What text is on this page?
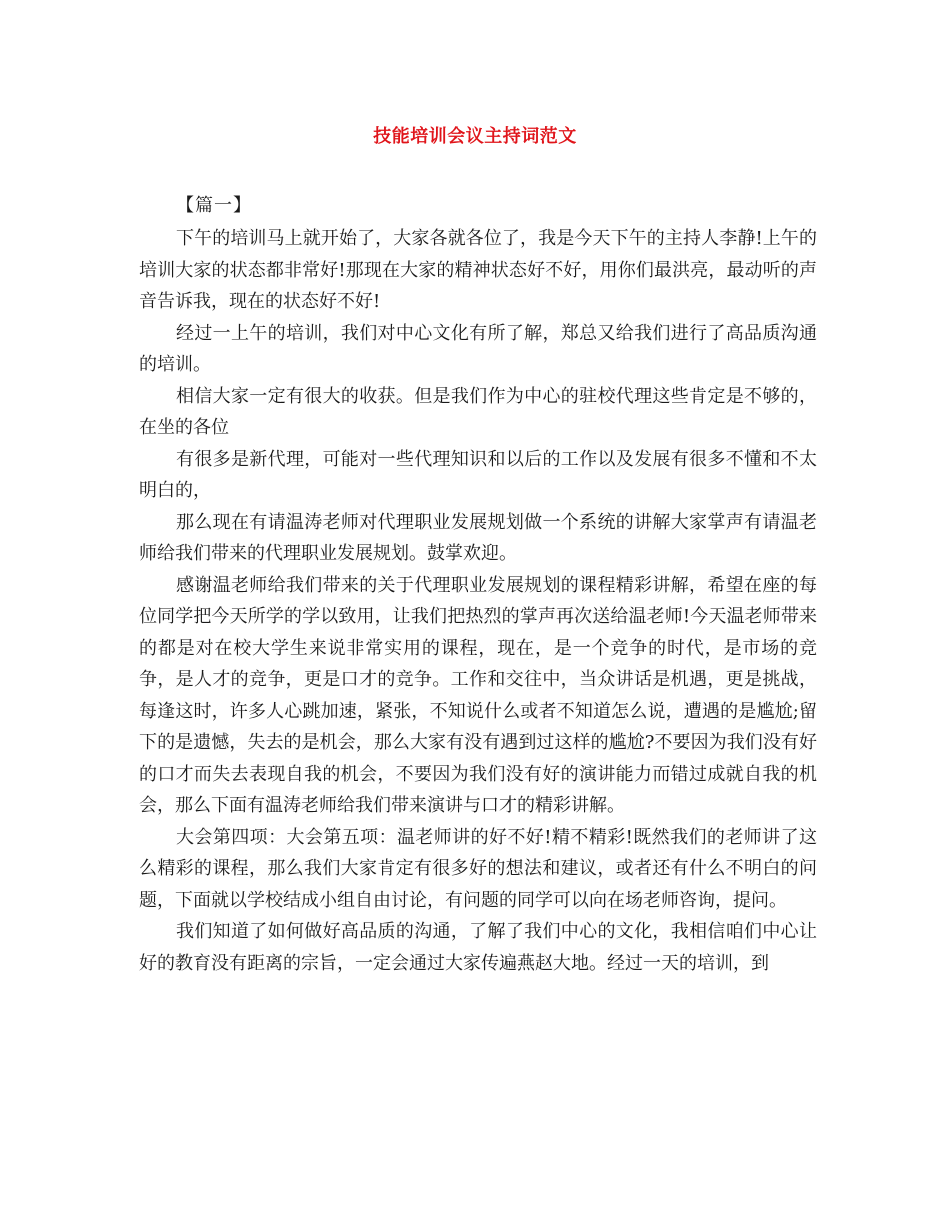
技能培训会议主持词范文
【篇一】

下午的培训马上就开始了，大家各就各位了，我是今天下午的主持人李静!上午的培训大家的状态都非常好!那现在大家的精神状态好不好，用你们最洪亮，最动听的声音告诉我，现在的状态好不好!

经过一上午的培训，我们对中心文化有所了解，郑总又给我们进行了高品质沟通的培训。

相信大家一定有很大的收获。但是我们作为中心的驻校代理这些肯定是不够的，在坐的各位

有很多是新代理，可能对一些代理知识和以后的工作以及发展有很多不懂和不太明白的，

那么现在有请温涛老师对代理职业发展规划做一个系统的讲解大家掌声有请温老师给我们带来的代理职业发展规划。鼓掌欢迎。

感谢温老师给我们带来的关于代理职业发展规划的课程精彩讲解，希望在座的每位同学把今天所学的学以致用，让我们把热烈的掌声再次送给温老师!今天温老师带来的都是对在校大学生来说非常实用的课程，现在，是一个竞争的时代，是市场的竞争，是人才的竞争，更是口才的竞争。工作和交往中，当众讲话是机遇，更是挑战，每逢这时，许多人心跳加速，紧张，不知说什么或者不知道怎么说，遭遇的是尴尬;留下的是遗憾，失去的是机会，那么大家有没有遇到过这样的尴尬?不要因为我们没有好的口才而失去表现自我的机会，不要因为我们没有好的演讲能力而错过成就自我的机会，那么下面有温涛老师给我们带来演讲与口才的精彩讲解。

大会第四项：大会第五项：温老师讲的好不好!精不精彩!既然我们的老师讲了这么精彩的课程，那么我们大家肯定有很多好的想法和建议，或者还有什么不明白的问题，下面就以学校结成小组自由讨论，有问题的同学可以向在场老师咨询，提问。

我们知道了如何做好高品质的沟通，了解了我们中心的文化，我相信咱们中心让好的教育没有距离的宗旨，一定会通过大家传遍燕赵大地。经过一天的培训，到
